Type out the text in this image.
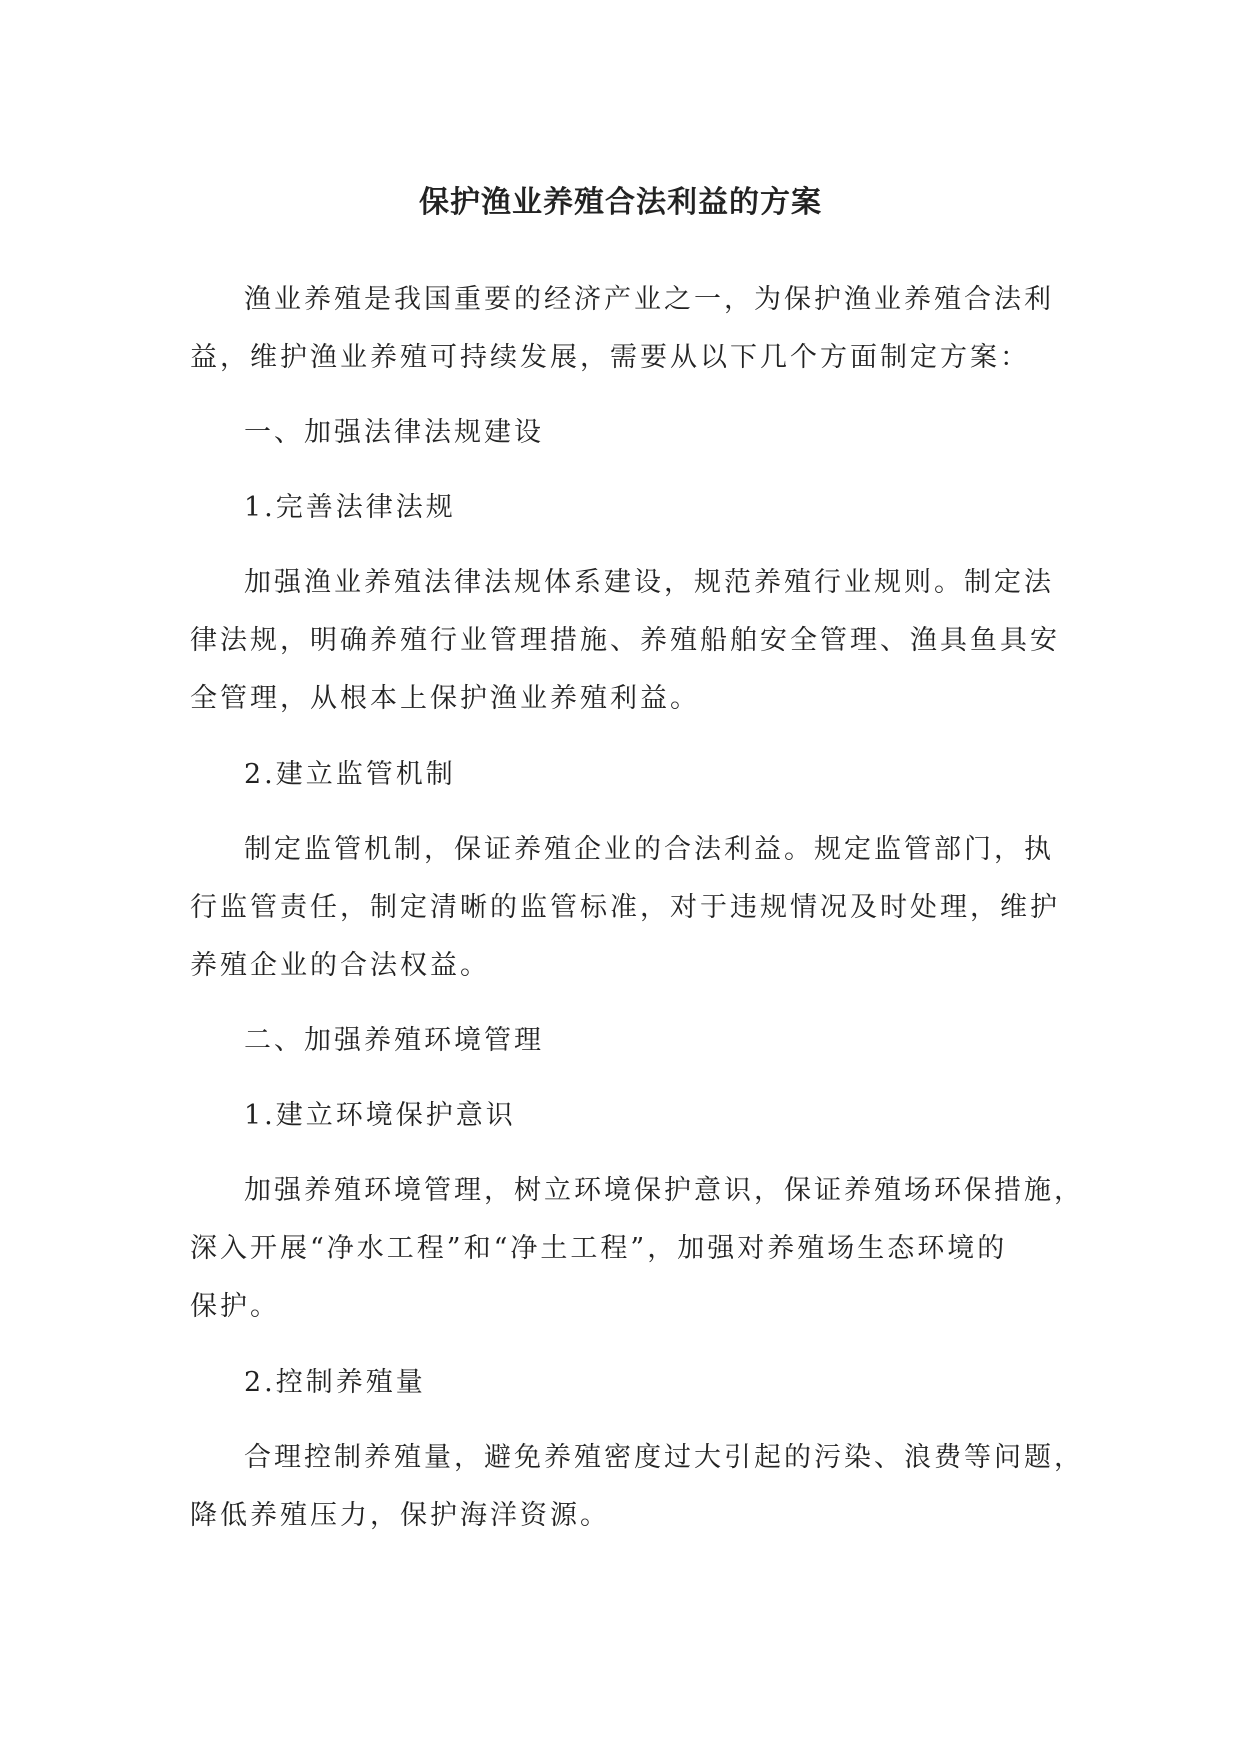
保护渔业养殖合法利益的方案
渔业养殖是我国重要的经济产业之一，为保护渔业养殖合法利
益，维护渔业养殖可持续发展，需要从以下几个方面制定方案：
一、加强法律法规建设
1.完善法律法规
加强渔业养殖法律法规体系建设，规范养殖行业规则。制定法
律法规，明确养殖行业管理措施、养殖船舶安全管理、渔具鱼具安
全管理，从根本上保护渔业养殖利益。
2.建立监管机制
制定监管机制，保证养殖企业的合法利益。规定监管部门，执
行监管责任，制定清晰的监管标准，对于违规情况及时处理，维护
养殖企业的合法权益。
二、加强养殖环境管理
1.建立环境保护意识
加强养殖环境管理，树立环境保护意识，保证养殖场环保措施，
深入开展“净水工程”和“净土工程”，加强对养殖场生态环境的
保护。
2.控制养殖量
合理控制养殖量，避免养殖密度过大引起的污染、浪费等问题，
降低养殖压力，保护海洋资源。
